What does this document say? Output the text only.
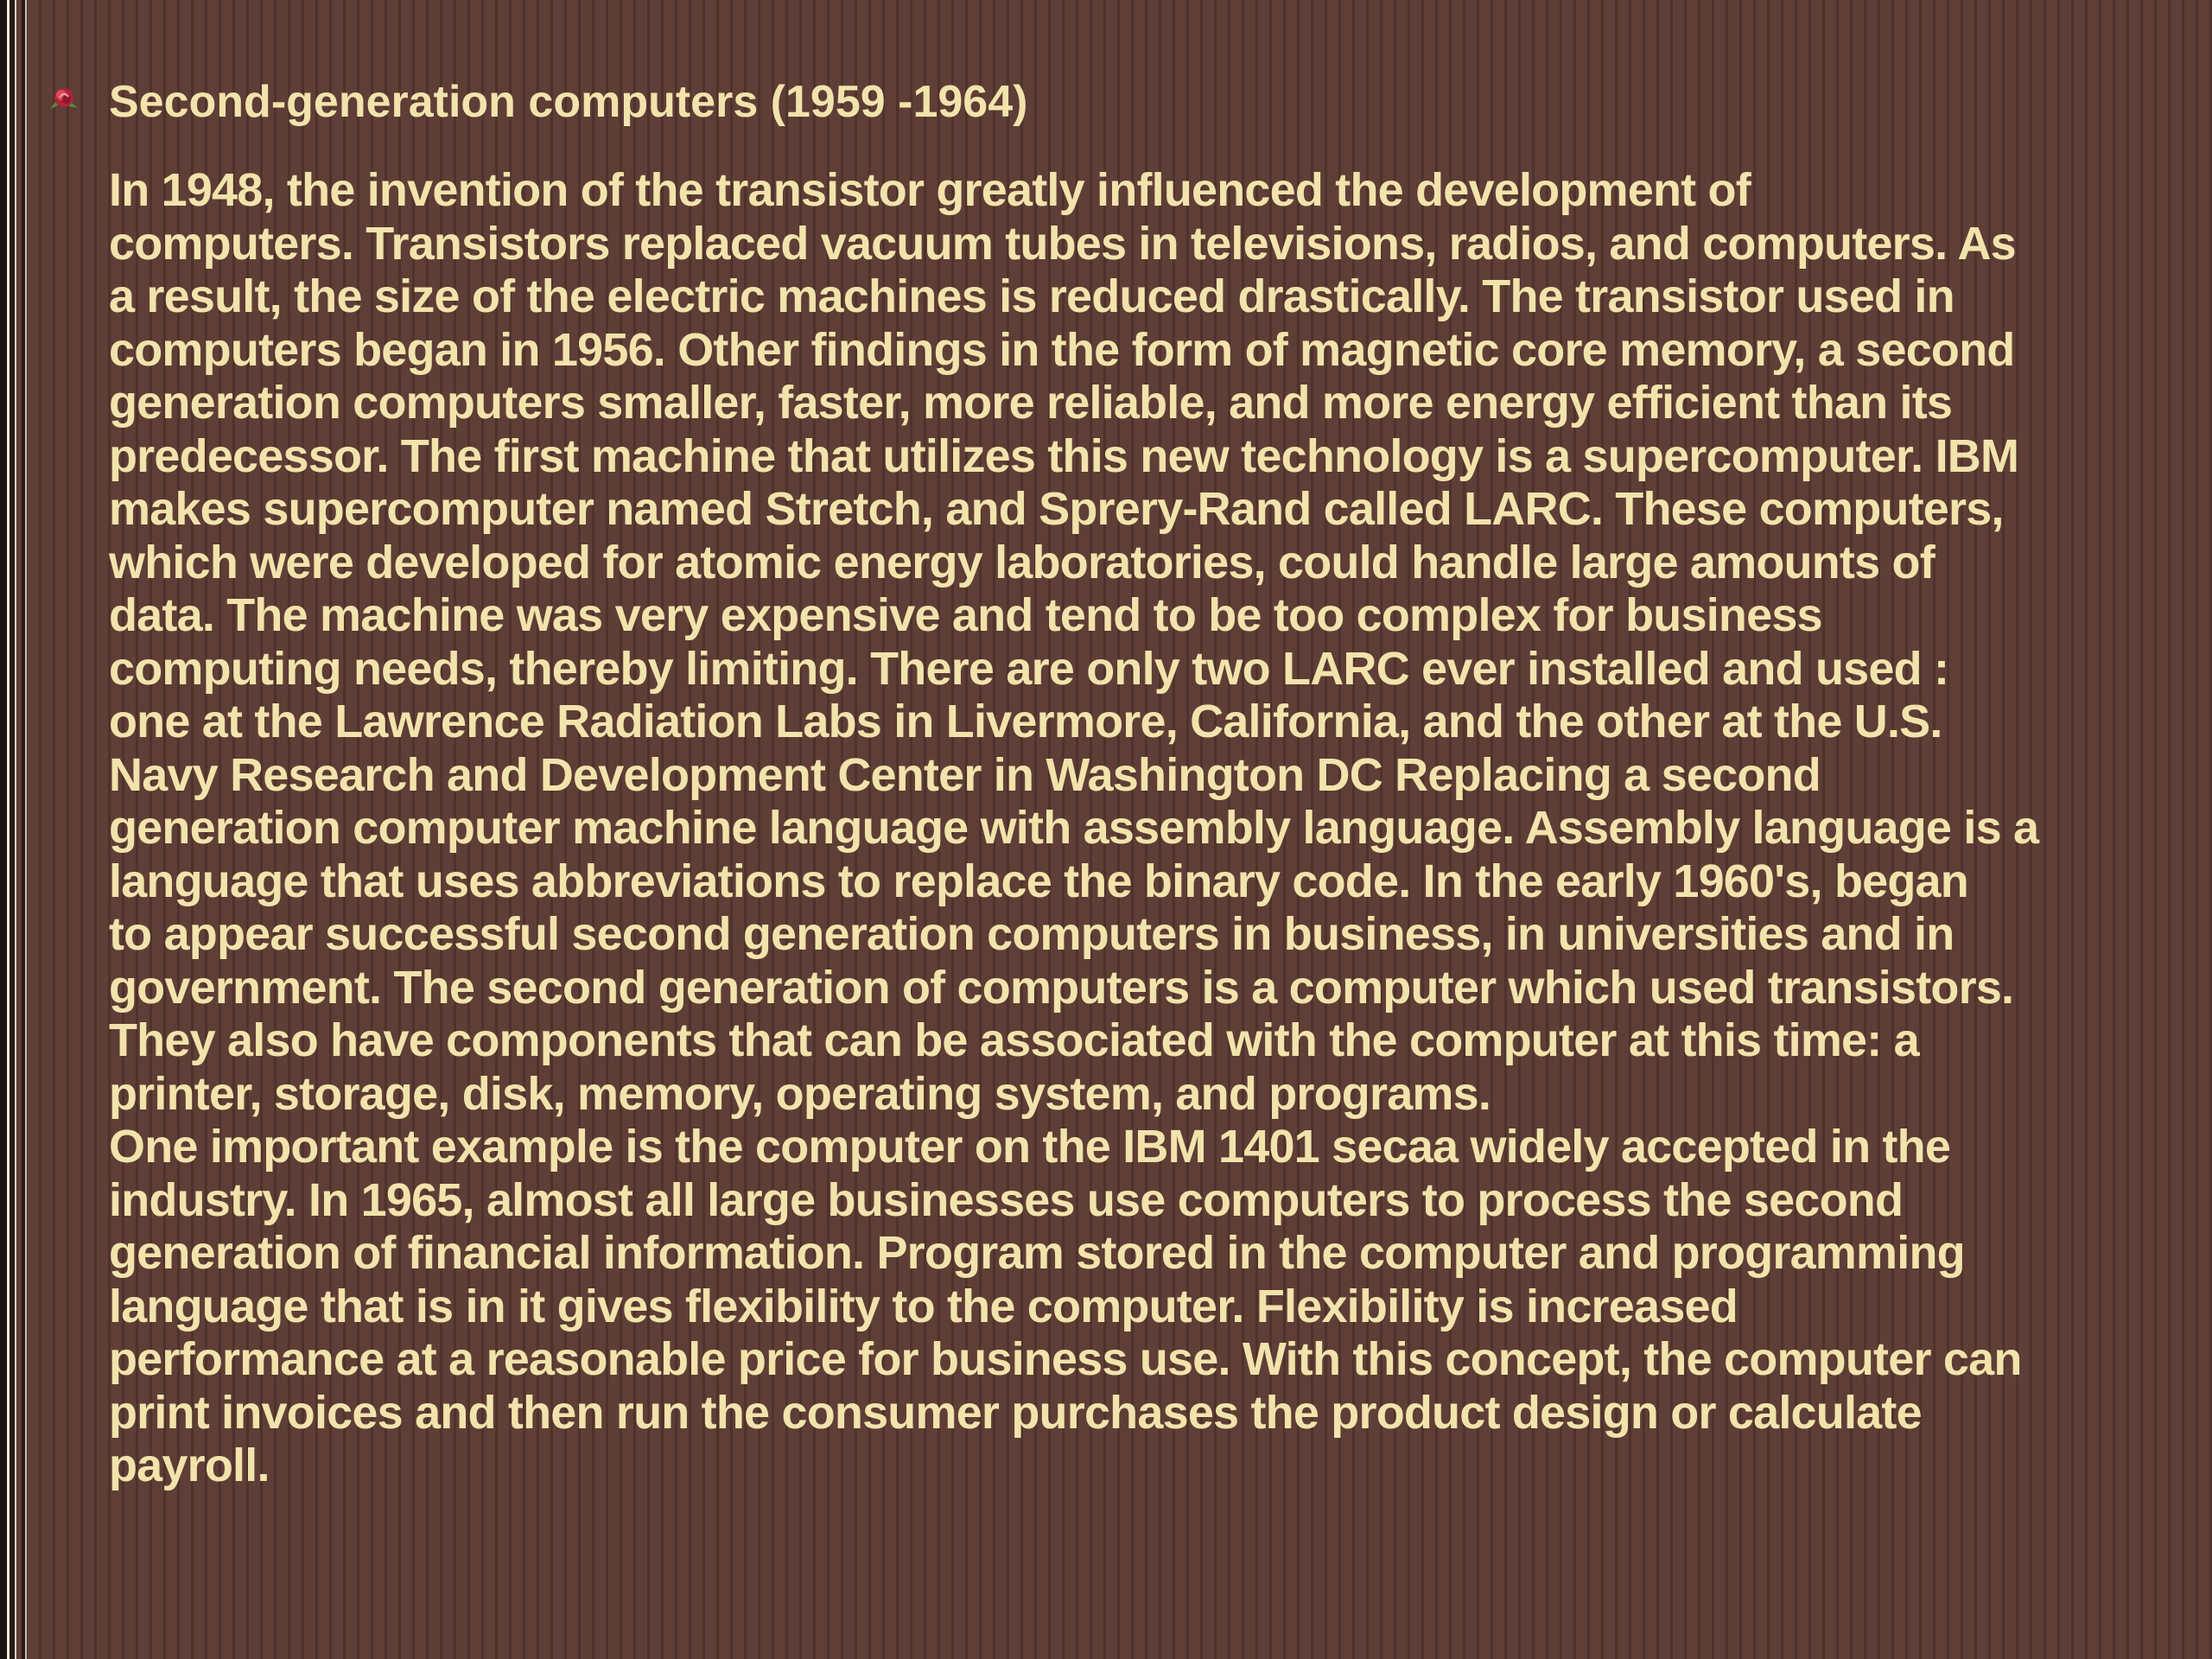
Second-generation computers (1959 -1964)
In 1948, the invention of the transistor greatly influenced the development of
computers. Transistors replaced vacuum tubes in televisions, radios, and computers. As
a result, the size of the electric machines is reduced drastically. The transistor used in
computers began in 1956. Other findings in the form of magnetic core memory, a second
generation computers smaller, faster, more reliable, and more energy efficient than its
predecessor. The first machine that utilizes this new technology is a supercomputer. IBM
makes supercomputer named Stretch, and Sprery-Rand called LARC. These computers,
which were developed for atomic energy laboratories, could handle large amounts of
data. The machine was very expensive and tend to be too complex for business
computing needs, thereby limiting. There are only two LARC ever installed and used :
one at the Lawrence Radiation Labs in Livermore, California, and the other at the U.S.
Navy Research and Development Center in Washington DC Replacing a second
generation computer machine language with assembly language. Assembly language is a
language that uses abbreviations to replace the binary code. In the early 1960's, began
to appear successful second generation computers in business, in universities and in
government. The second generation of computers is a computer which used transistors.
They also have components that can be associated with the computer at this time: a
printer, storage, disk, memory, operating system, and programs.
One important example is the computer on the IBM 1401 secaa widely accepted in the
industry. In 1965, almost all large businesses use computers to process the second
generation of financial information. Program stored in the computer and programming
language that is in it gives flexibility to the computer. Flexibility is increased
performance at a reasonable price for business use. With this concept, the computer can
print invoices and then run the consumer purchases the product design or calculate
payroll.
